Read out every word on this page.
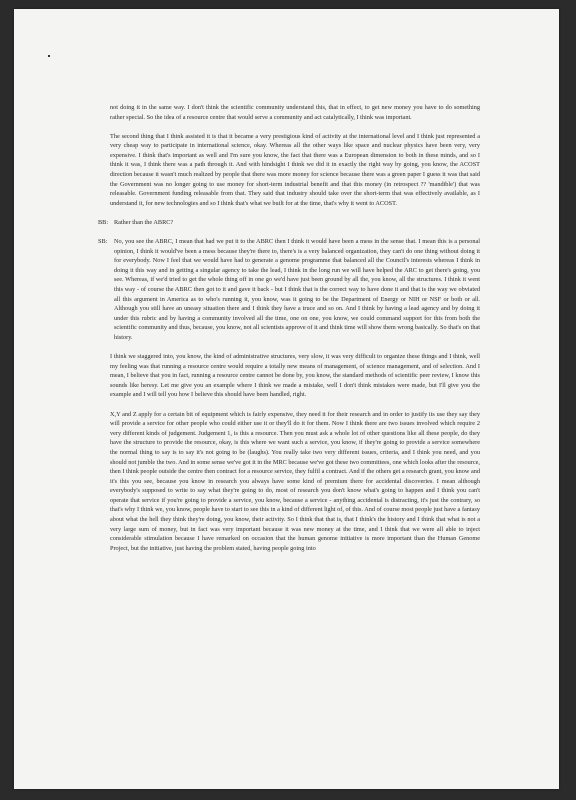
not doing it in the same way. I don't think the scientific community understand this, that in effect, to get new money you have to do something rather special. So the idea of a resource centre that would serve a community and act catalytically, I think was important.

The second thing that I think assisted it is that it became a very prestigious kind of activity at the international level and I think just represented a very cheap way to participate in international science, okay. Whereas all the other ways like space and nuclear physics have been very, very expensive. I think that's important as well and I'm sure you know, the fact that there was a European dimension to both in these minds, and so I think it was, I think there was a path through it. And with hindsight I think we did it in exactly the right way by going, you know, the ACOST direction because it wasn't much realized by people that there was more money for science because there was a green paper I guess it was that said the Government was no longer going to use money for short-term industrial benefit and that this money (in retrospect ?? 'mandible') that was releasable. Government funding releasable from that. They said that industry should take over the short-term that was effectively available, as I understand it, for new technologies and so I think that's what we built for at the time, that's why it went to ACOST.

BB: Rather than the ABRC?
SB:	No, you see the ABRC, I mean that had we put it to the ABRC then I think it would have been a mess in the sense that. I mean this is a personal opinion, I think it would've been a mess because they're there to, there's is a very balanced organization, they can't do one thing without doing it for everybody. Now I feel that we would have had to generate a genome programme that balanced all the Council's interests whereas I think in doing it this way and in getting a singular agency to take the lead, I think in the long run we will have helped the ARC to get there's going, you see. Whereas, if we'd tried to get the whole thing off in one go we'd have just been ground by all the, you know, all the structures. I think it went this way - of course the ABRC then got to it and gave it back - but I think that is the correct way to have done it and that is the way we obviated all this argument in America as to who's running it, you know, was it going to be the Department of Energy or NIH or NSF or both or all. Although you still have an uneasy situation there and I think they have a truce and so on. And I think by having a lead agency and by doing it under this rubric and by having a community involved all the time, one on one, you know, we could command support for this from both the scientific community and thus, because, you know, not all scientists approve of it and think time will show them wrong basically. So that's on that history.

I think we staggered into, you know, the kind of administrative structures, very slow, it was very difficult to organize these things and I think, well my feeling was that running a resource centre would require a totally new means of management, of science management, and of selection. And I mean, I believe that you in fact, running a resource centre cannot be done by, you know, the standard methods of scientific peer review, I know this sounds like heresy. Let me give you an example where I think we made a mistake, well I don't think mistakes were made, but I'll give you the example and I will tell you how I believe this should have been handled, right.

X,Y and Z apply for a certain bit of equipment which is fairly expensive, they need it for their research and in order to justify its use they say they will provide a service for other people who could either use it or they'll do it for them. Now I think there are two issues involved which require 2 very different kinds of judgement. Judgement 1, is this a resource. Then you must ask a whole lot of other questions like all these people, do they have the structure to provide the resource, okay, is this where we want such a service, you know, if they're going to provide a service somewhere the normal thing to say is to say it's not going to be (laughs). You really take two very different issues, criteria, and I think you need, and you should not jumble the two. And in some sense we've got it in the MRC because we've got these two committees, one which looks after the resource, then I think people outside the centre then contract for a resource service, they fulfil a contract. And if the others get a research grant, you know and it's this you see, because you know in research you always have some kind of premium there for accidental discoveries. I mean although everybody's supposed to write to say what they're going to do, most of research you don't know what's going to happen and I think you can't operate that service if you're going to provide a service, you know, because a service - anything accidental is distracting, it's just the contrary, so that's why I think we, you know, people have to start to see this in a kind of different light of, of this. And of course most people just have a fantasy about what the hell they think they're doing, you know, their activity. So I think that that is, that I think's the history and I think that what is not a very large sum of money, but in fact was very important because it was new money at the time, and I think that we were all able to inject considerable stimulation because I have remarked on occasion that the human genome initiative is more important than the Human Genome Project, but the initiative, just having the problem stated, having people going into
